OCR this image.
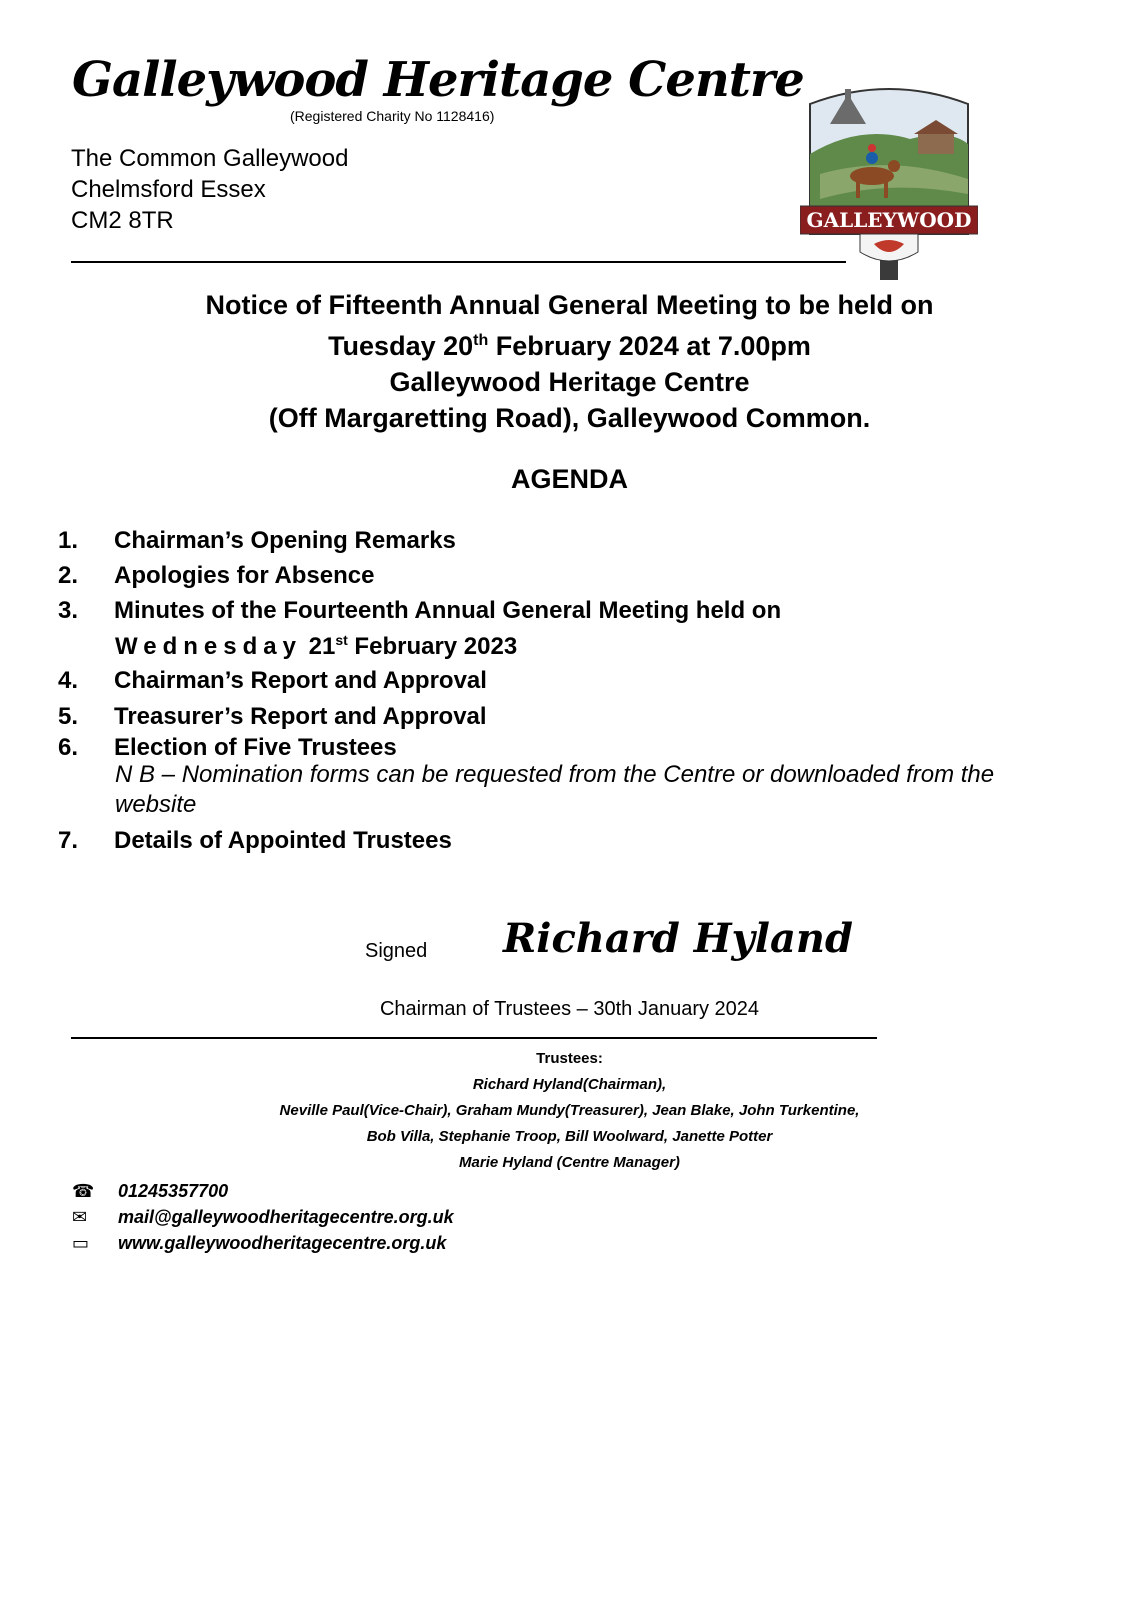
Galleywood Heritage Centre
(Registered Charity No 1128416)
The Common Galleywood
Chelmsford Essex
CM2 8TR	GALLEYWOOD
Notice of Fifteenth Annual General Meeting to be held on
Tuesday 20th February 2024 at 7.00pm
Galleywood Heritage Centre
(Off Margaretting Road), Galleywood Common.
AGENDA
1. Chairman’s Opening Remarks
2. Apologies for Absence
3. Minutes of the Fourteenth Annual General Meeting held on
Wednesday 21st February 2023
4. Chairman’s Report and Approval
5. Treasurer’s Report and Approval
6. Election of Five Trustees
N B – Nomination forms can be requested from the Centre or downloaded from the website
7. Details of Appointed Trustees
Signed Richard Hyland
Chairman of Trustees – 30th January 2024
Trustees:
Richard Hyland(Chairman),
Neville Paul(Vice-Chair), Graham Mundy(Treasurer), Jean Blake, John Turkentine,
Bob Villa, Stephanie Troop, Bill Woolward, Janette Potter
Marie Hyland (Centre Manager)
☎ 01245357700
✉ mail@galleywoodheritagecentre.org.uk
▭ www.galleywoodheritagecentre.org.uk
